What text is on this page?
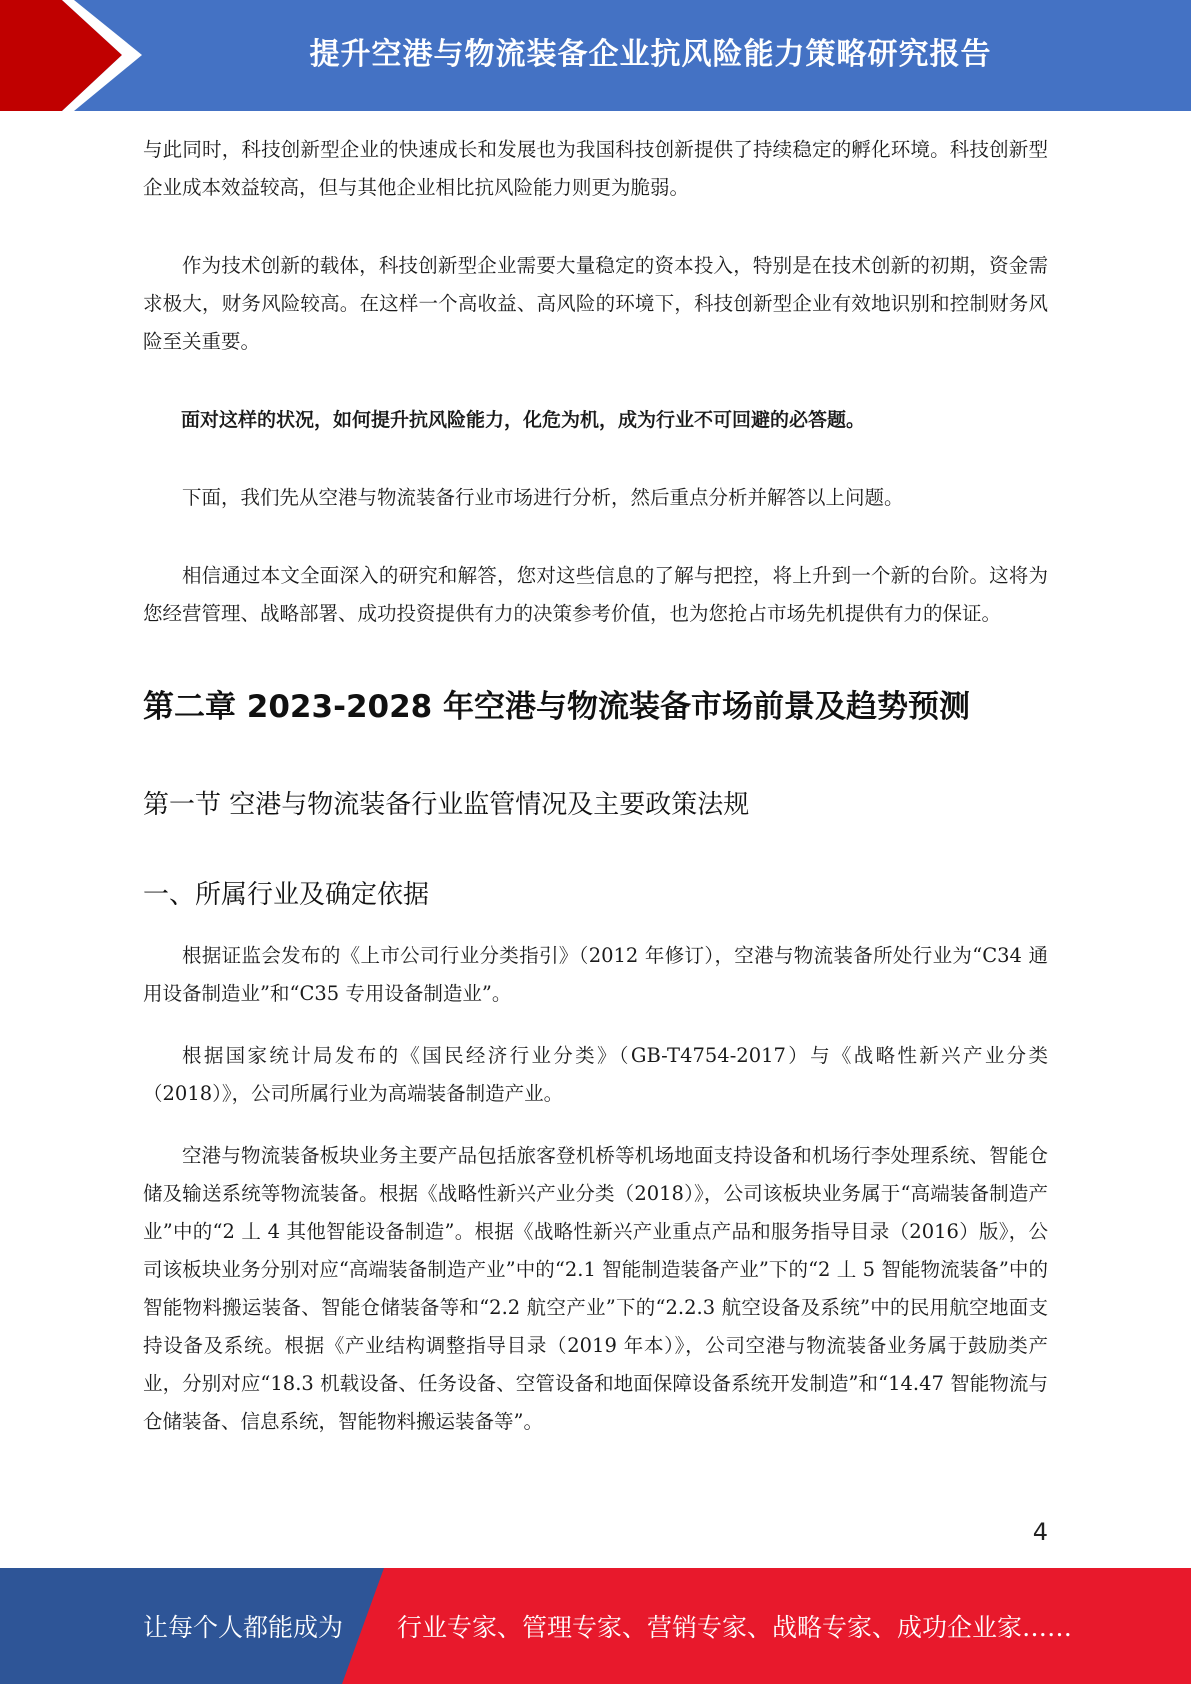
提升空港与物流装备企业抗风险能力策略研究报告

与此同时，科技创新型企业的快速成长和发展也为我国科技创新提供了持续稳定的孵化环境。科技创新型企业成本效益较高，但与其他企业相比抗风险能力则更为脆弱。

作为技术创新的载体，科技创新型企业需要大量稳定的资本投入，特别是在技术创新的初期，资金需求极大，财务风险较高。在这样一个高收益、高风险的环境下，科技创新型企业有效地识别和控制财务风险至关重要。

面对这样的状况，如何提升抗风险能力，化危为机，成为行业不可回避的必答题。

下面，我们先从空港与物流装备行业市场进行分析，然后重点分析并解答以上问题。

相信通过本文全面深入的研究和解答，您对这些信息的了解与把控，将上升到一个新的台阶。这将为您经营管理、战略部署、成功投资提供有力的决策参考价值，也为您抢占市场先机提供有力的保证。

第二章 2023-2028 年空港与物流装备市场前景及趋势预测
第一节 空港与物流装备行业监管情况及主要政策法规
一、所属行业及确定依据

根据证监会发布的《上市公司行业分类指引》（2012 年修订），空港与物流装备所处行业为“C34 通用设备制造业”和“C35 专用设备制造业”。

根据国家统计局发布的《国民经济行业分类》（GB-T4754-2017）与《战略性新兴产业分类（2018）》，公司所属行业为高端装备制造产业。

空港与物流装备板块业务主要产品包括旅客登机桥等机场地面支持设备和机场行李处理系统、智能仓储及输送系统等物流装备。根据《战略性新兴产业分类（2018）》，公司该板块业务属于“高端装备制造产业”中的“2 丄 4 其他智能设备制造”。根据《战略性新兴产业重点产品和服务指导目录（2016）版》，公司该板块业务分别对应“高端装备制造产业”中的“2.1 智能制造装备产业”下的“2 丄 5 智能物流装备”中的智能物料搬运装备、智能仓储装备等和“2.2 航空产业”下的“2.2.3 航空设备及系统”中的民用航空地面支持设备及系统。根据《产业结构调整指导目录（2019 年本）》，公司空港与物流装备业务属于鼓励类产业，分别对应“18.3 机载设备、任务设备、空管设备和地面保障设备系统开发制造”和“14.47 智能物流与仓储装备、信息系统，智能物料搬运装备等”。

4
让每个人都能成为 行业专家、管理专家、营销专家、战略专家、成功企业家……
